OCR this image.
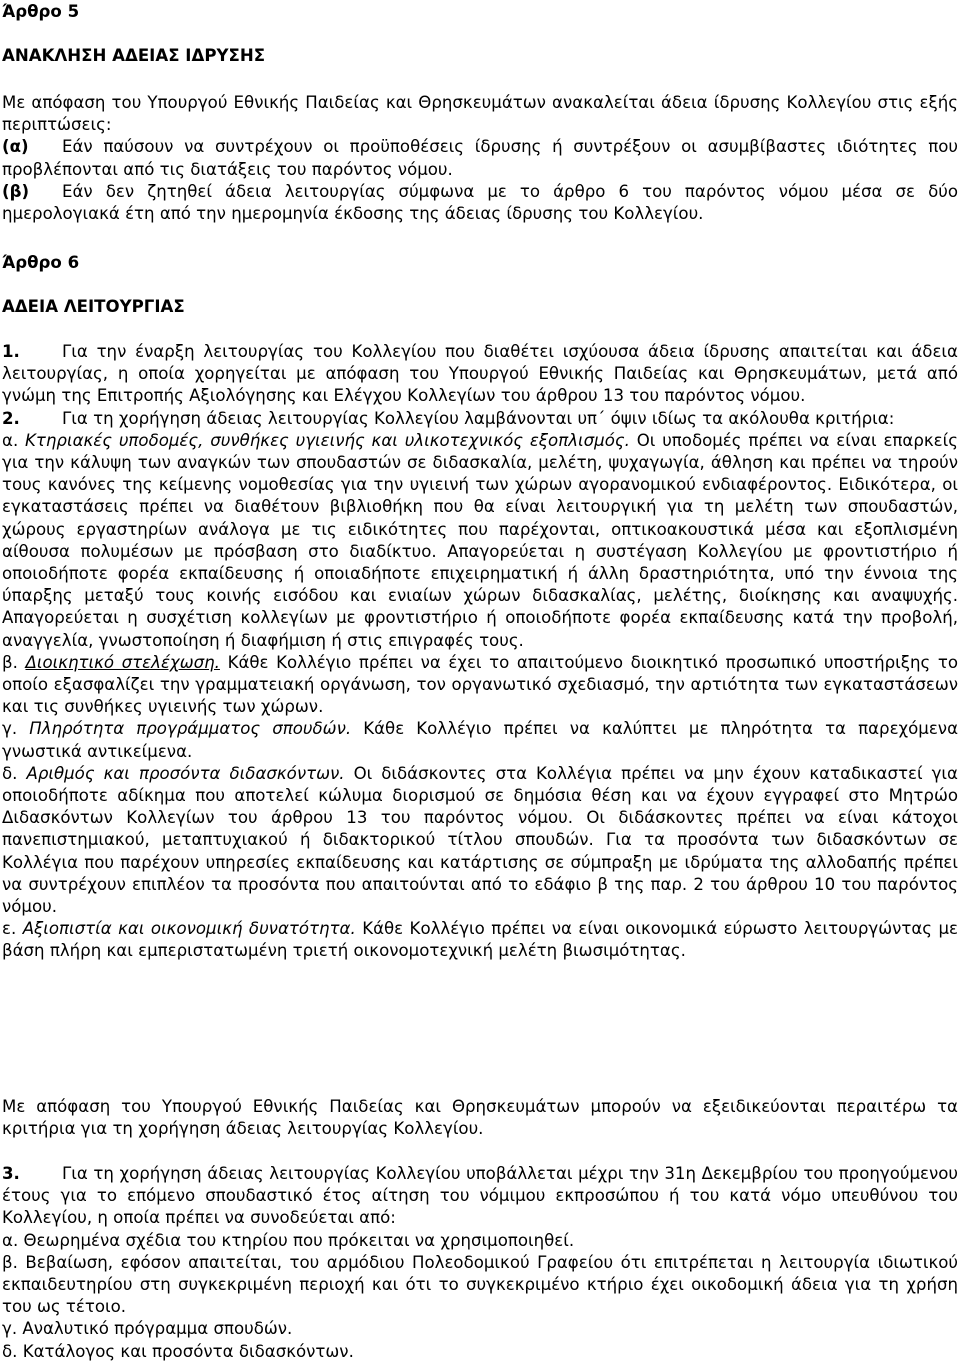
Άρθρο 5
ΑΝΑΚΛΗΣΗ ΑΔΕΙΑΣ ΙΔΡΥΣΗΣ

Με απόφαση του Υπουργού Εθνικής Παιδείας και Θρησκευμάτων ανακαλείται άδεια ίδρυσης Κολλεγίου στις εξής περιπτώσεις:

(α) Εάν παύσουν να συντρέχουν οι προϋποθέσεις ίδρυσης ή συντρέξουν οι ασυμβίβαστες ιδιότητες που προβλέπονται από τις διατάξεις του παρόντος νόμου.

(β) Εάν δεν ζητηθεί άδεια λειτουργίας σύμφωνα με το άρθρο 6 του παρόντος νόμου μέσα σε δύο ημερολογιακά έτη από την ημερομηνία έκδοσης της άδειας ίδρυσης του Κολλεγίου.

Άρθρο 6
ΑΔΕΙΑ ΛΕΙΤΟΥΡΓΙΑΣ

1.	Για την έναρξη λειτουργίας του Κολλεγίου που διαθέτει ισχύουσα άδεια ίδρυσης απαιτείται και άδεια λειτουργίας, η οποία χορηγείται με απόφαση του Υπουργού Εθνικής Παιδείας και Θρησκευμάτων, μετά από γνώμη της Επιτροπής Αξιολόγησης και Ελέγχου Κολλεγίων του άρθρου 13 του παρόντος νόμου.

2.	Για τη χορήγηση άδειας λειτουργίας Κολλεγίου λαμβάνονται υπ΄ όψιν ιδίως τα ακόλουθα κριτήρια:

α. Κτηριακές υποδομές, συνθήκες υγιεινής και υλικοτεχνικός εξοπλισμός. Οι υποδομές πρέπει να είναι επαρκείς για την κάλυψη των αναγκών των σπουδαστών σε διδασκαλία, μελέτη, ψυχαγωγία, άθληση και πρέπει να τηρούν τους κανόνες της κείμενης νομοθεσίας για την υγιεινή των χώρων αγορανομικού ενδιαφέροντος. Ειδικότερα, οι εγκαταστάσεις πρέπει να διαθέτουν βιβλιοθήκη που θα είναι λειτουργική για τη μελέτη των σπουδαστών, χώρους εργαστηρίων ανάλογα με τις ειδικότητες που παρέχονται, οπτικοακουστικά μέσα και εξοπλισμένη αίθουσα πολυμέσων με πρόσβαση στο διαδίκτυο. Απαγορεύεται η συστέγαση Κολλεγίου με φροντιστήριο ή οποιοδήποτε φορέα εκπαίδευσης ή οποιαδήποτε επιχειρηματική ή άλλη δραστηριότητα, υπό την έννοια της ύπαρξης μεταξύ τους κοινής εισόδου και ενιαίων χώρων διδασκαλίας, μελέτης, διοίκησης και αναψυχής. Απαγορεύεται η συσχέτιση κολλεγίων με φροντιστήριο ή οποιοδήποτε φορέα εκπαίδευσης κατά την προβολή, αναγγελία, γνωστοποίηση ή διαφήμιση ή στις επιγραφές τους.

β. Διοικητικό στελέχωση. Κάθε Κολλέγιο πρέπει να έχει το απαιτούμενο διοικητικό προσωπικό υποστήριξης το οποίο εξασφαλίζει την γραμματειακή οργάνωση, τον οργανωτικό σχεδιασμό, την αρτιότητα των εγκαταστάσεων και τις συνθήκες υγιεινής των χώρων.

γ. Πληρότητα προγράμματος σπουδών. Κάθε Κολλέγιο πρέπει να καλύπτει με πληρότητα τα παρεχόμενα γνωστικά αντικείμενα.

δ. Αριθμός και προσόντα διδασκόντων. Οι διδάσκοντες στα Κολλέγια πρέπει να μην έχουν καταδικαστεί για οποιοδήποτε αδίκημα που αποτελεί κώλυμα διορισμού σε δημόσια θέση και να έχουν εγγραφεί στο Μητρώο Διδασκόντων Κολλεγίων του άρθρου 13 του παρόντος νόμου. Οι διδάσκοντες πρέπει να είναι κάτοχοι πανεπιστημιακού, μεταπτυχιακού ή διδακτορικού τίτλου σπουδών. Για τα προσόντα των διδασκόντων σε Κολλέγια που παρέχουν υπηρεσίες εκπαίδευσης και κατάρτισης σε σύμπραξη με ιδρύματα της αλλοδαπής πρέπει να συντρέχουν επιπλέον τα προσόντα που απαιτούνται από το εδάφιο β της παρ. 2 του άρθρου 10 του παρόντος νόμου.

ε. Αξιοπιστία και οικονομική δυνατότητα. Κάθε Κολλέγιο πρέπει να είναι οικονομικά εύρωστο λειτουργώντας με βάση πλήρη και εμπεριστατωμένη τριετή οικονομοτεχνική μελέτη βιωσιμότητας.

Με απόφαση του Υπουργού Εθνικής Παιδείας και Θρησκευμάτων μπορούν να εξειδικεύονται περαιτέρω τα κριτήρια για τη χορήγηση άδειας λειτουργίας Κολλεγίου.

3.	Για τη χορήγηση άδειας λειτουργίας Κολλεγίου υποβάλλεται μέχρι την 31η Δεκεμβρίου του προηγούμενου έτους για το επόμενο σπουδαστικό έτος αίτηση του νόμιμου εκπροσώπου ή του κατά νόμο υπευθύνου του Κολλεγίου, η οποία πρέπει να συνοδεύεται από:

α. Θεωρημένα σχέδια του κτηρίου που πρόκειται να χρησιμοποιηθεί.

β. Βεβαίωση, εφόσον απαιτείται, του αρμόδιου Πολεοδομικού Γραφείου ότι επιτρέπεται η λειτουργία ιδιωτικού εκπαιδευτηρίου στη συγκεκριμένη περιοχή και ότι το συγκεκριμένο κτήριο έχει οικοδομική άδεια για τη χρήση του ως τέτοιο.

γ. Αναλυτικό πρόγραμμα σπουδών.

δ. Κατάλογος και προσόντα διδασκόντων.
